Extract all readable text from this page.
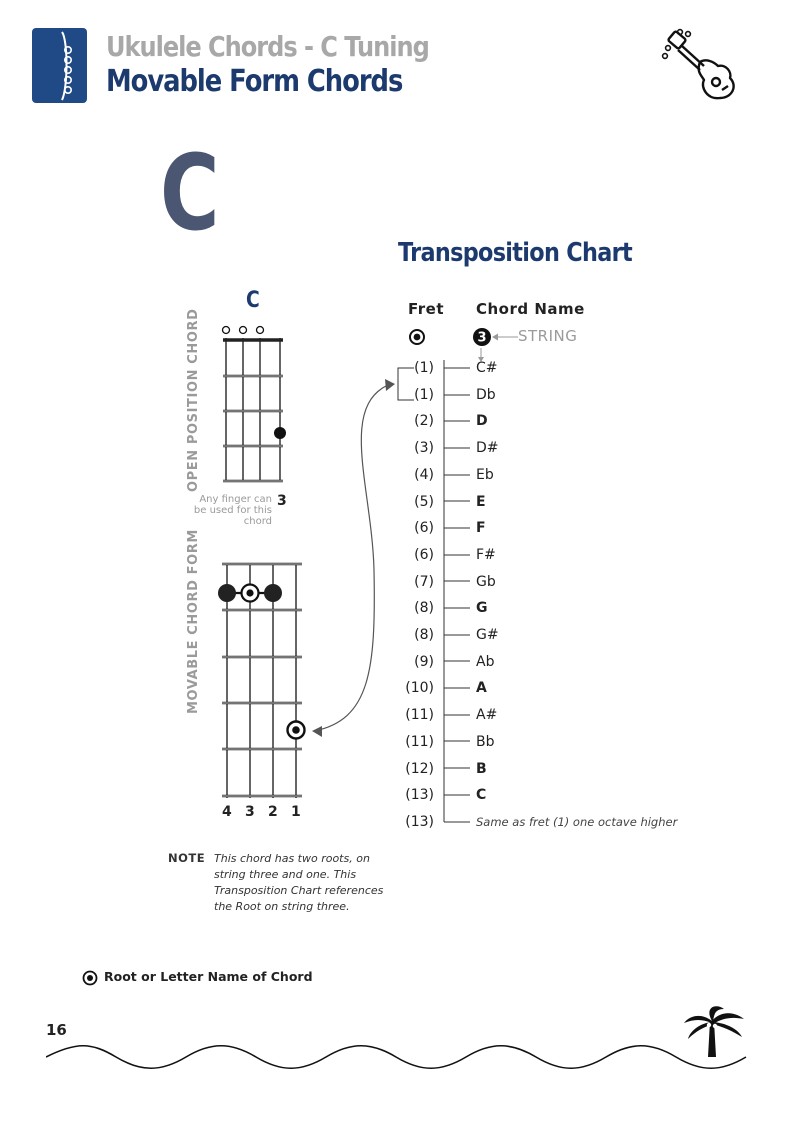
Ukulele Chords - C Tuning
Movable Form Chords
C	Transposition Chart
C	Fret Chord Name
3 STRING
(1)	C#
(1)	Db
(2)	D
(3)	D#
(4)	Eb
(5)	E
(6)	F
(6)	F#
(7)	Gb
(8)	G
(8)	G#
(9)	Ab
(10)	A
(11)	A#
(11)	Bb
(12)	B
(13)	C
(13)	Same as fret (1) one octave higher
OPEN POSITION CHORD
Any finger can be used for this chord
3
MOVABLE CHORD FORM
4 3 2 1
NOTE This chord has two roots, on string three and one. This Transposition Chart references the Root on string three.
Root or Letter Name of Chord
16
